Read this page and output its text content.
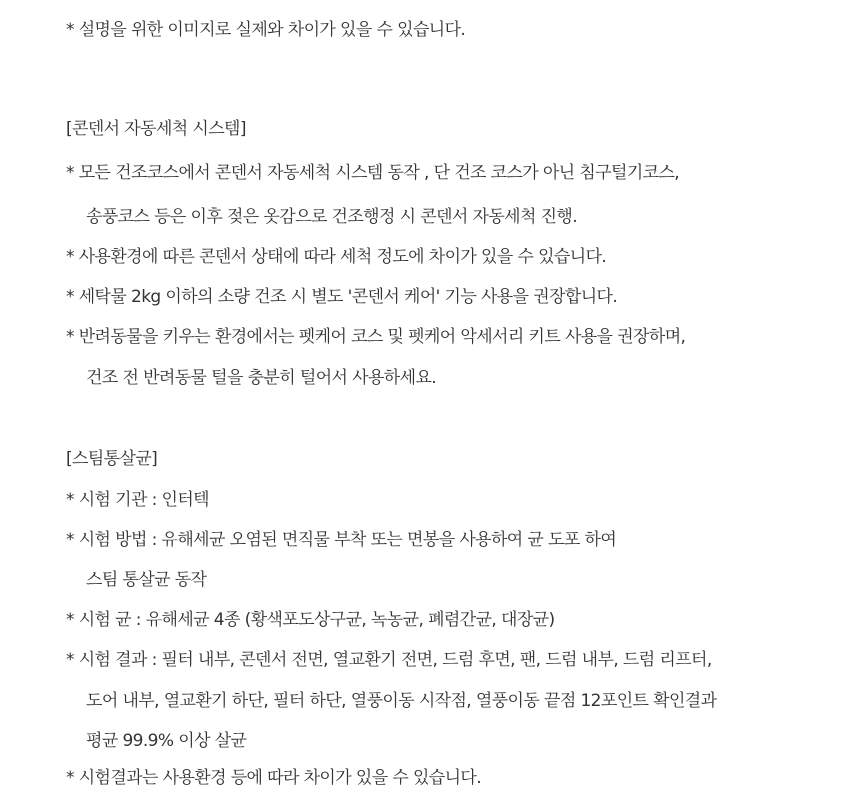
* 설명을 위한 이미지로 실제와 차이가 있을 수 있습니다.
[콘덴서 자동세척 시스템]
* 모든 건조코스에서 콘덴서 자동세척 시스템 동작 , 단 건조 코스가 아닌 침구털기코스,
송풍코스 등은 이후 젖은 옷감으로 건조행정 시 콘덴서 자동세척 진행.
* 사용환경에 따른 콘덴서 상태에 따라 세척 정도에 차이가 있을 수 있습니다.
* 세탁물 2kg 이하의 소량 건조 시 별도 '콘덴서 케어' 기능 사용을 권장합니다.
* 반려동물을 키우는 환경에서는 펫케어 코스 및 펫케어 악세서리 키트 사용을 권장하며,
건조 전 반려동물 털을 충분히 털어서 사용하세요.
[스팀통살균]
* 시험 기관 : 인터텍
* 시험 방법 : 유해세균 오염된 면직물 부착 또는 면봉을 사용하여 균 도포 하여
스팀 통살균 동작
* 시험 균 : 유해세균 4종 (황색포도상구균, 녹농균, 폐렴간균, 대장균)
* 시험 결과 : 필터 내부, 콘덴서 전면, 열교환기 전면, 드럼 후면, 팬, 드럼 내부, 드럼 리프터,
도어 내부, 열교환기 하단, 필터 하단, 열풍이동 시작점, 열풍이동 끝점 12포인트 확인결과
평균 99.9% 이상 살균
* 시험결과는 사용환경 등에 따라 차이가 있을 수 있습니다.
